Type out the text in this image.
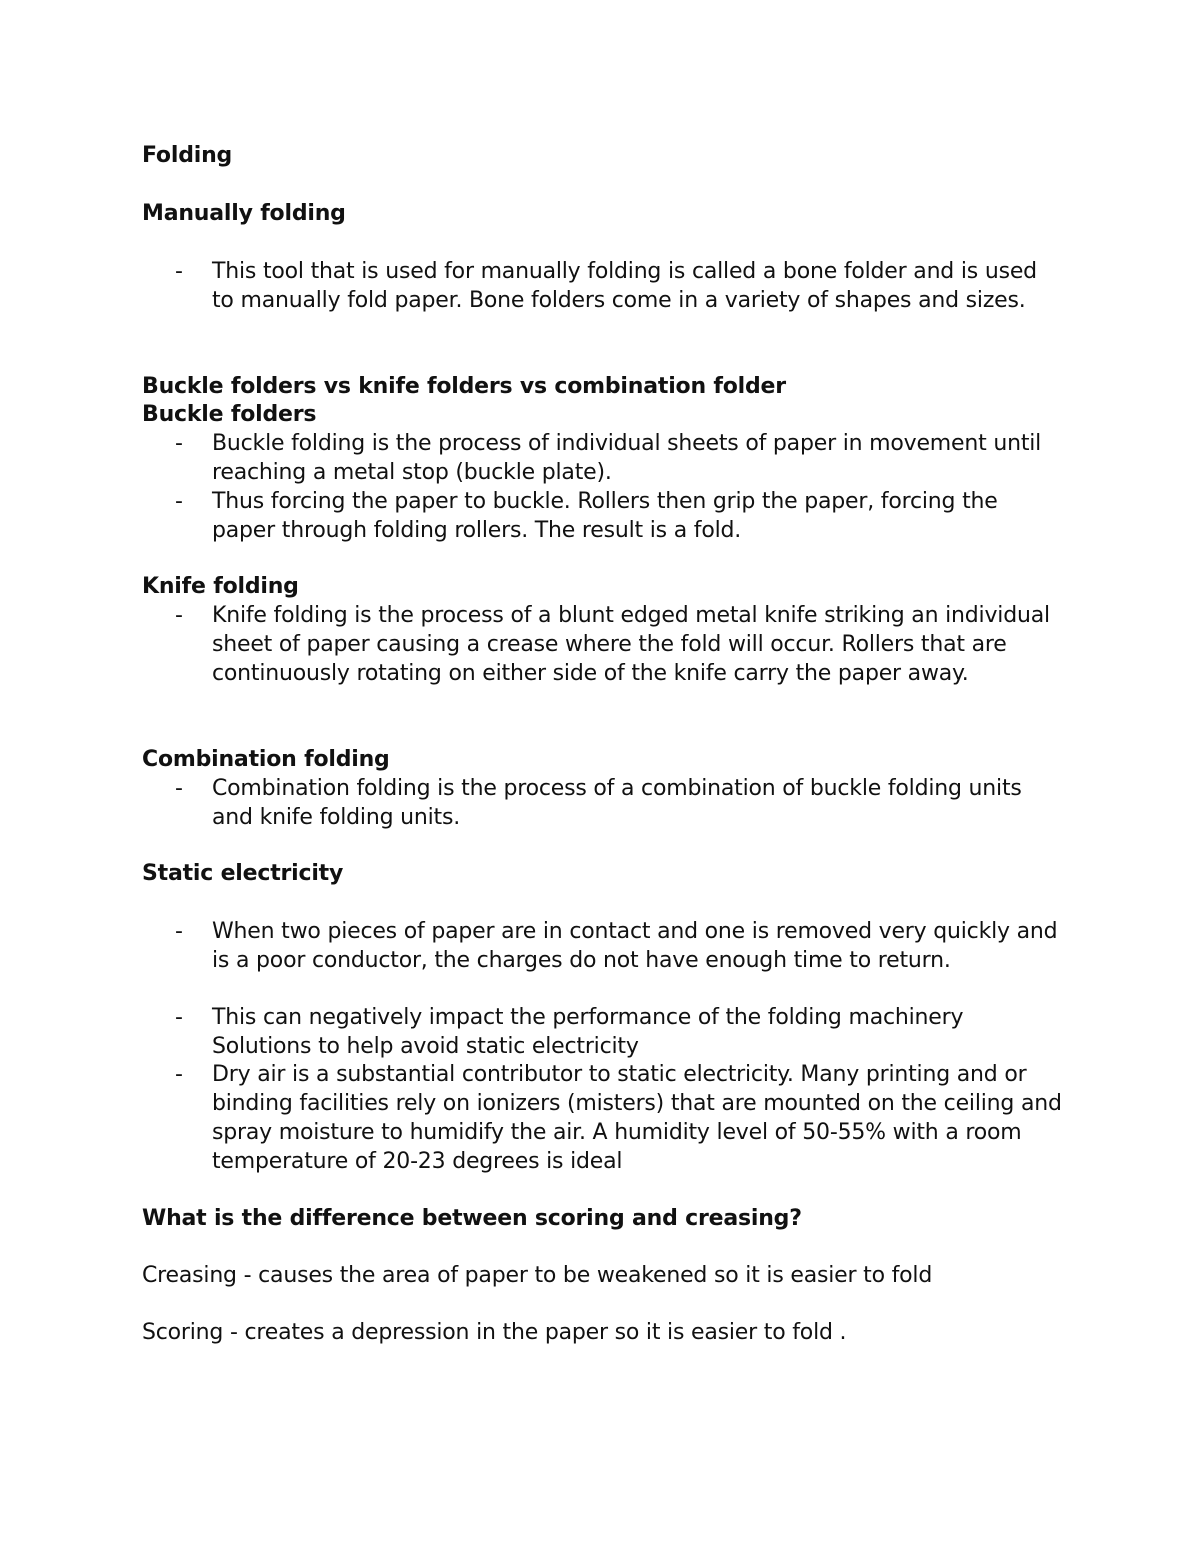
Folding
Manually folding
- This tool that is used for manually folding is called a bone folder and is used to manually fold paper. Bone folders come in a variety of shapes and sizes.
Buckle folders vs knife folders vs combination folder
Buckle folders
- Buckle folding is the process of individual sheets of paper in movement until reaching a metal stop (buckle plate).
- Thus forcing the paper to buckle. Rollers then grip the paper, forcing the paper through folding rollers. The result is a fold.
Knife folding
- Knife folding is the process of a blunt edged metal knife striking an individual sheet of paper causing a crease where the fold will occur. Rollers that are continuously rotating on either side of the knife carry the paper away.
Combination folding
- Combination folding is the process of a combination of buckle folding units and knife folding units.
Static electricity
- When two pieces of paper are in contact and one is removed very quickly and is a poor conductor, the charges do not have enough time to return.
- This can negatively impact the performance of the folding machinery Solutions to help avoid static electricity
- Dry air is a substantial contributor to static electricity. Many printing and or binding facilities rely on ionizers (misters) that are mounted on the ceiling and spray moisture to humidify the air. A humidity level of 50-55% with a room temperature of 20-23 degrees is ideal
What is the difference between scoring and creasing?
Creasing - causes the area of paper to be weakened so it is easier to fold
Scoring - creates a depression in the paper so it is easier to fold .
